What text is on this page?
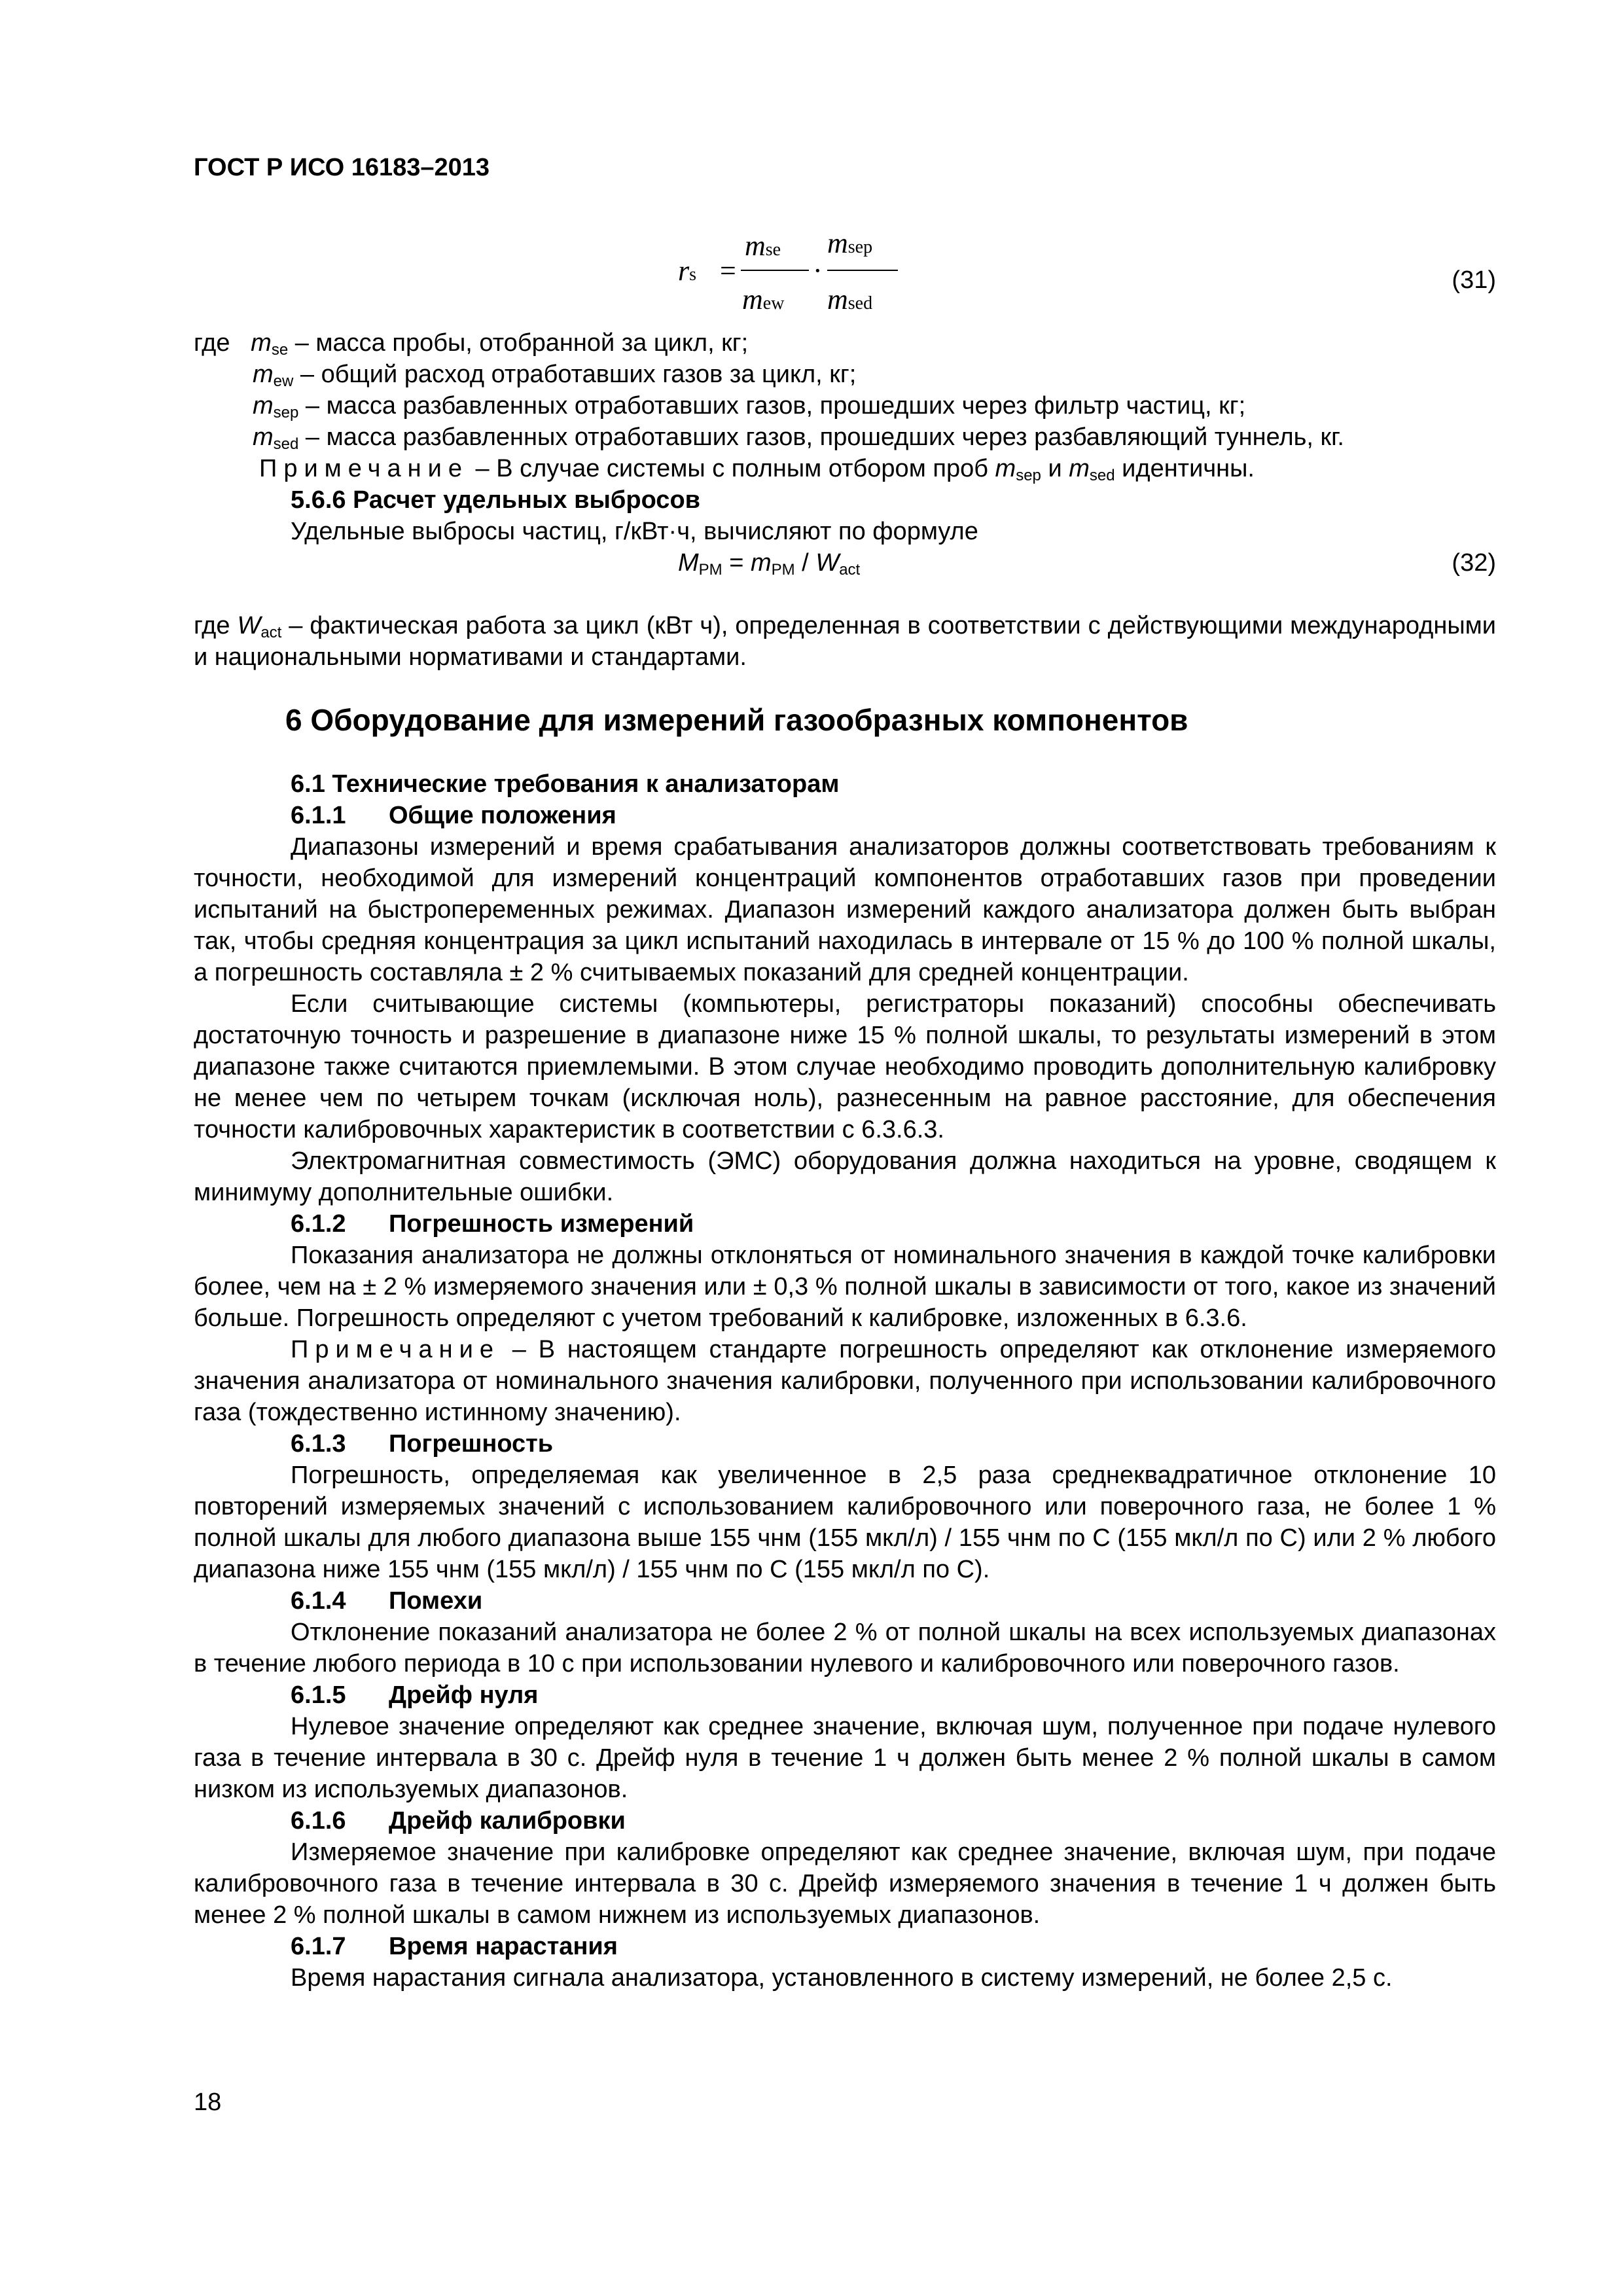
ГОСТ Р ИСО 16183–2013
rs =
mse
mew
·
msep
msed
(31)
где $m_{se}$ – масса пробы, отобранной за цикл, кг;
$m_{ew}$ – общий расход отработавших газов за цикл, кг;
$m_{sep}$ – масса разбавленных отработавших газов, прошедших через фильтр частиц, кг;
$m_{sed}$ – масса разбавленных отработавших газов, прошедших через разбавляющий туннель, кг.
Примечание – В случае системы с полным отбором проб $m_{sep}$ и $m_{sed}$ идентичны.
5.6.6 Расчет удельных выбросов
Удельные выбросы частиц, г/кВт·ч, вычисляют по формуле
$M_{PM} = m_{PM} / W_{act}$	(32)
где $W_{act}$ – фактическая работа за цикл (кВт ч), определенная в соответствии с действующими международными и национальными нормативами и стандартами.
6 Оборудование для измерений газообразных компонентов
6.1 Технические требования к анализаторам
6.1.1 Общие положения

Диапазоны измерений и время срабатывания анализаторов должны соответствовать требованиям к точности, необходимой для измерений концентраций компонентов отработавших газов при проведении испытаний на быстропеременных режимах. Диапазон измерений каждого анализатора должен быть выбран так, чтобы средняя концентрация за цикл испытаний находилась в интервале от 15 % до 100 % полной шкалы, а погрешность составляла ± 2 % считываемых показаний для средней концентрации.

Если считывающие системы (компьютеры, регистраторы показаний) способны обеспечивать достаточную точность и разрешение в диапазоне ниже 15 % полной шкалы, то результаты измерений в этом диапазоне также считаются приемлемыми. В этом случае необходимо проводить дополнительную калибровку не менее чем по четырем точкам (исключая ноль), разнесенным на равное расстояние, для обеспечения точности калибровочных характеристик в соответствии с 6.3.6.3.

Электромагнитная совместимость (ЭМС) оборудования должна находиться на уровне, сводящем к минимуму дополнительные ошибки.

6.1.2 Погрешность измерений

Показания анализатора не должны отклоняться от номинального значения в каждой точке калибровки более, чем на ± 2 % измеряемого значения или ± 0,3 % полной шкалы в зависимости от того, какое из значений больше. Погрешность определяют с учетом требований к калибровке, изложенных в 6.3.6.

Примечание – В настоящем стандарте погрешность определяют как отклонение измеряемого значения анализатора от номинального значения калибровки, полученного при использовании калибровочного газа (тождественно истинному значению).

6.1.3 Погрешность

Погрешность, определяемая как увеличенное в 2,5 раза среднеквадратичное отклонение 10 повторений измеряемых значений с использованием калибровочного или поверочного газа, не более 1 % полной шкалы для любого диапазона выше 155 чнм (155 мкл/л) / 155 чнм по С (155 мкл/л по С) или 2 % любого диапазона ниже 155 чнм (155 мкл/л) / 155 чнм по С (155 мкл/л по С).

6.1.4 Помехи

Отклонение показаний анализатора не более 2 % от полной шкалы на всех используемых диапазонах в течение любого периода в 10 с при использовании нулевого и калибровочного или поверочного газов.

6.1.5 Дрейф нуля

Нулевое значение определяют как среднее значение, включая шум, полученное при подаче нулевого газа в течение интервала в 30 с. Дрейф нуля в течение 1 ч должен быть менее 2 % полной шкалы в самом низком из используемых диапазонов.

6.1.6 Дрейф калибровки

Измеряемое значение при калибровке определяют как среднее значение, включая шум, при подаче калибровочного газа в течение интервала в 30 с. Дрейф измеряемого значения в течение 1 ч должен быть менее 2 % полной шкалы в самом нижнем из используемых диапазонов.

6.1.7 Время нарастания

Время нарастания сигнала анализатора, установленного в систему измерений, не более 2,5 с.

18
